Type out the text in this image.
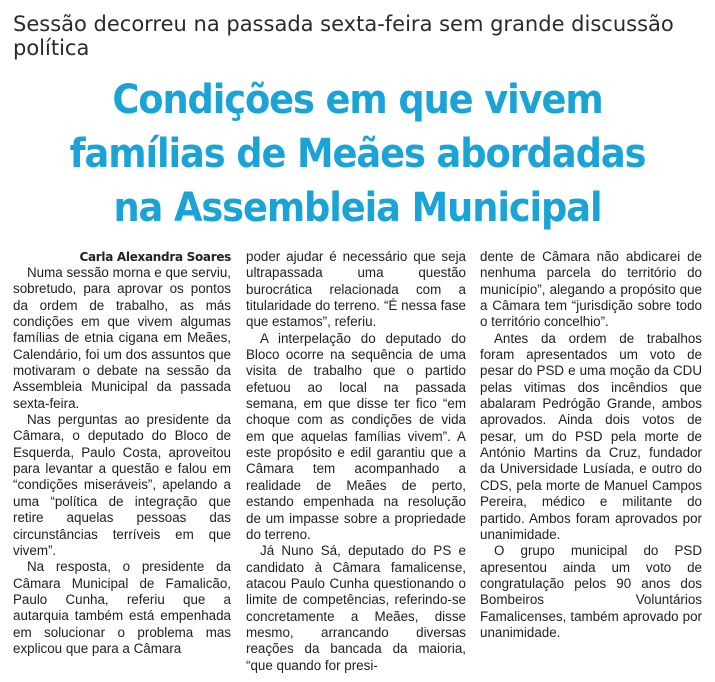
Sessão decorreu na passada sexta-feira sem grande discussão política
Condições em que vivem
famílias de Meães abordadas
na Assembleia Municipal

Carla Alexandra Soares

Numa sessão morna e que serviu, sobretudo, para aprovar os pontos da ordem de trabalho, as más condições em que vivem algumas famílias de etnia cigana em Meães, Calendário, foi um dos assuntos que motivaram o debate na sessão da Assembleia Municipal da passada sexta-feira.

Nas perguntas ao presidente da Câmara, o deputado do Bloco de Esquerda, Paulo Costa, aproveitou para levantar a questão e falou em “condições miseráveis”, apelando a uma “política de integração que retire aquelas pessoas das circunstâncias terríveis em que vivem”.

Na resposta, o presidente da Câmara Municipal de Famalicão, Paulo Cunha, referiu que a autarquia também está empenhada em solucionar o problema mas explicou que para a Câmara

poder ajudar é necessário que seja ultrapassada uma questão burocrática relacionada com a titularidade do terreno. “É nessa fase que estamos”, referiu.

A interpelação do deputado do Bloco ocorre na sequência de uma visita de trabalho que o partido efetuou ao local na passada semana, em que disse ter fico “em choque com as condições de vida em que aquelas famílias vivem”. A este propósito e edil garantiu que a Câmara tem acompanhado a realidade de Meães de perto, estando empenhada na resolução de um impasse sobre a propriedade do terreno.

Já Nuno Sá, deputado do PS e candidato à Câmara famalicense, atacou Paulo Cunha questionando o limite de competências, referindo-se concretamente a Meães, disse mesmo, arrancando diversas reações da bancada da maioria, “que quando for presi-

dente de Câmara não abdicarei de nenhuma parcela do território do município”, alegando a propósito que a Câmara tem “jurisdição sobre todo o território concelhio”.

Antes da ordem de trabalhos foram apresentados um voto de pesar do PSD e uma moção da CDU pelas vitimas dos incêndios que abalaram Pedrógão Grande, ambos aprovados. Ainda dois votos de pesar, um do PSD pela morte de António Martins da Cruz, fundador da Universidade Lusíada, e outro do CDS, pela morte de Manuel Campos Pereira, médico e militante do partido. Ambos foram aprovados por unanimidade.

O grupo municipal do PSD apresentou ainda um voto de congratulação pelos 90 anos dos Bombeiros Voluntários Famalicenses, também aprovado por unanimidade.
